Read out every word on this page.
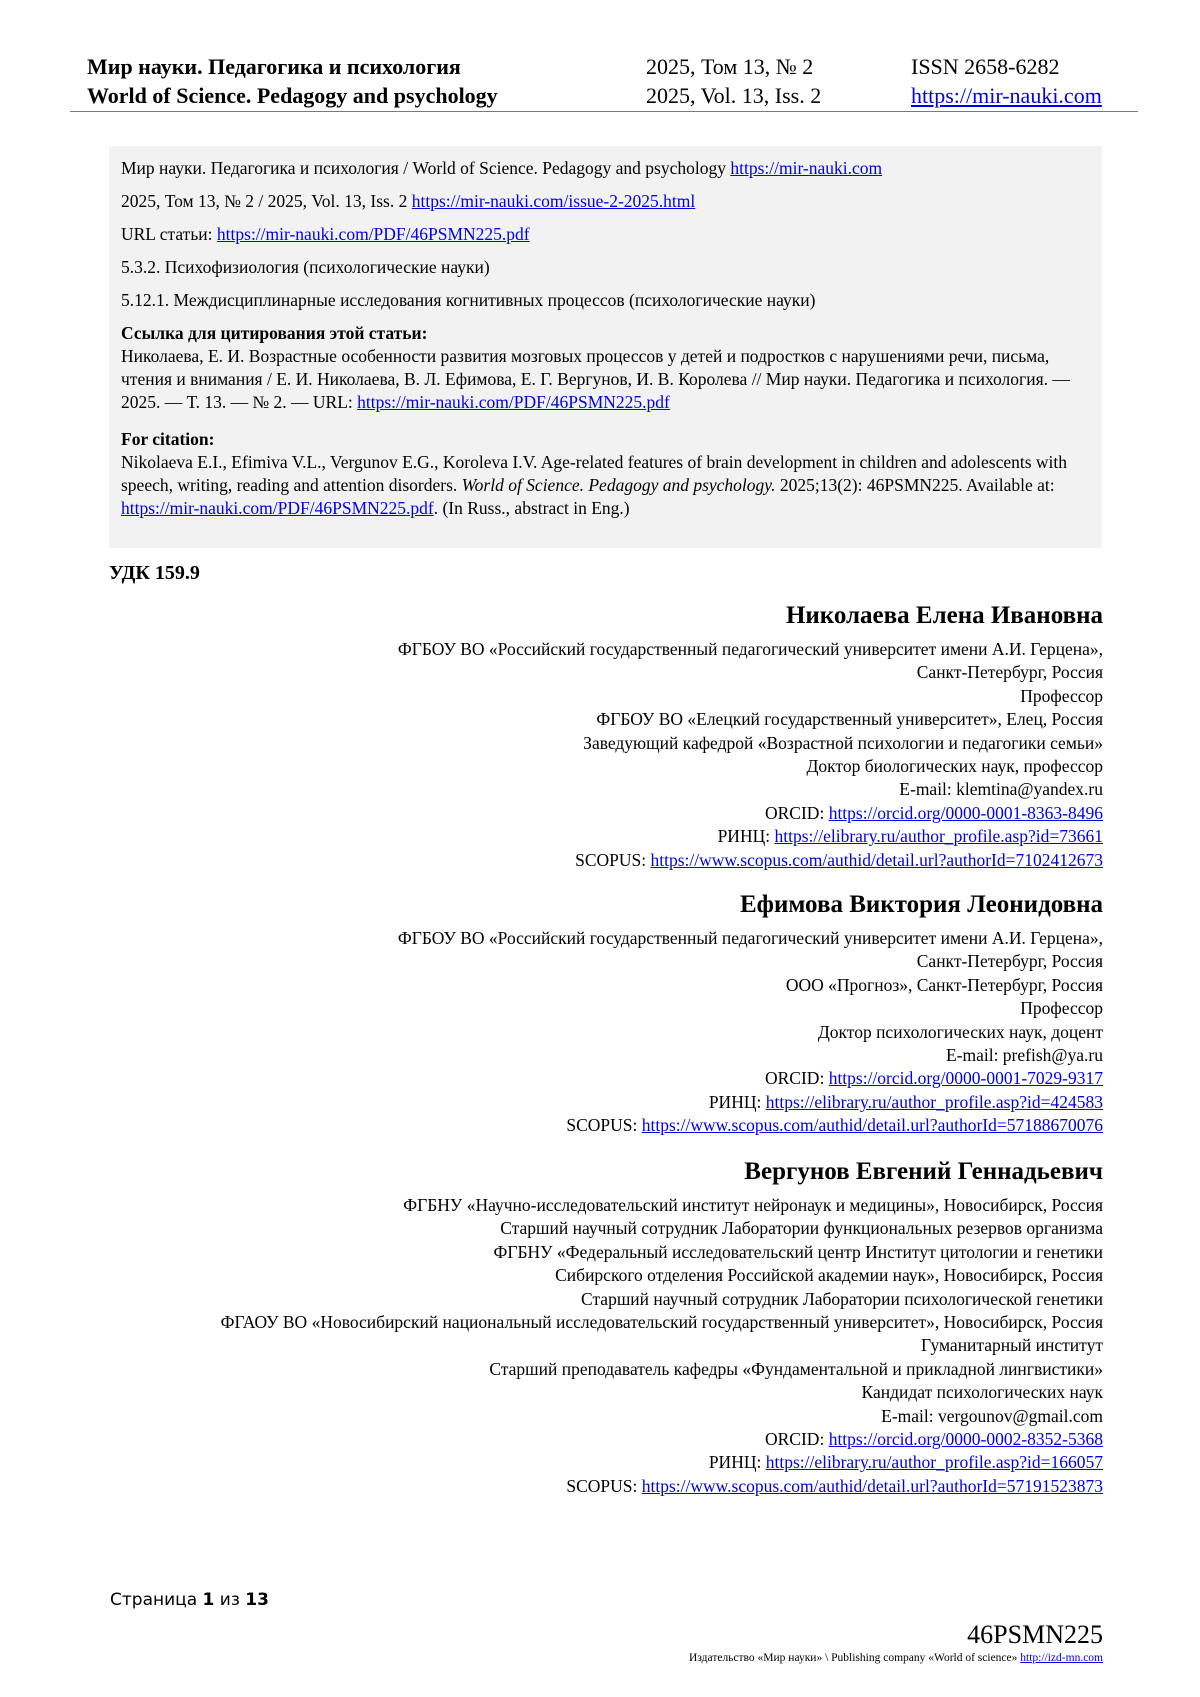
Мир науки. Педагогика и психология
World of Science. Pedagogy and psychology
2025, Том 13, № 2
2025, Vol. 13, Iss. 2
ISSN 2658-6282
https://mir-nauki.com
Мир науки. Педагогика и психология / World of Science. Pedagogy and psychology https://mir-nauki.com
2025, Том 13, № 2 / 2025, Vol. 13, Iss. 2 https://mir-nauki.com/issue-2-2025.html
URL статьи: https://mir-nauki.com/PDF/46PSMN225.pdf
5.3.2. Психофизиология (психологические науки)
5.12.1. Междисциплинарные исследования когнитивных процессов (психологические науки)
Ссылка для цитирования этой статьи:
Николаева, Е. И. Возрастные особенности развития мозговых процессов у детей и подростков с нарушениями речи, письма, чтения и внимания / Е. И. Николаева, В. Л. Ефимова, Е. Г. Вергунов, И. В. Королева // Мир науки. Педагогика и психология. — 2025. — Т. 13. — № 2. — URL: https://mir-nauki.com/PDF/46PSMN225.pdf
For citation:
Nikolaeva E.I., Efimiva V.L., Vergunov E.G., Koroleva I.V. Age-related features of brain development in children and adolescents with speech, writing, reading and attention disorders. World of Science. Pedagogy and psychology. 2025;13(2): 46PSMN225. Available at: https://mir-nauki.com/PDF/46PSMN225.pdf. (In Russ., abstract in Eng.)
УДК 159.9
Николаева Елена Ивановна
ФГБОУ ВО «Российский государственный педагогический университет имени А.И. Герцена»,
Санкт-Петербург, Россия
Профессор
ФГБОУ ВО «Елецкий государственный университет», Елец, Россия
Заведующий кафедрой «Возрастной психологии и педагогики семьи»
Доктор биологических наук, профессор
E-mail: klemtina@yandex.ru
ORCID: https://orcid.org/0000-0001-8363-8496
РИНЦ: https://elibrary.ru/author_profile.asp?id=73661
SCOPUS: https://www.scopus.com/authid/detail.url?authorId=7102412673
Ефимова Виктория Леонидовна
ФГБОУ ВО «Российский государственный педагогический университет имени А.И. Герцена»,
Санкт-Петербург, Россия
ООО «Прогноз», Санкт-Петербург, Россия
Профессор
Доктор психологических наук, доцент
E-mail: prefish@ya.ru
ORCID: https://orcid.org/0000-0001-7029-9317
РИНЦ: https://elibrary.ru/author_profile.asp?id=424583
SCOPUS: https://www.scopus.com/authid/detail.url?authorId=57188670076
Вергунов Евгений Геннадьевич
ФГБНУ «Научно-исследовательский институт нейронаук и медицины», Новосибирск, Россия
Старший научный сотрудник Лаборатории функциональных резервов организма
ФГБНУ «Федеральный исследовательский центр Институт цитологии и генетики
Сибирского отделения Российской академии наук», Новосибирск, Россия
Старший научный сотрудник Лаборатории психологической генетики
ФГАОУ ВО «Новосибирский национальный исследовательский государственный университет», Новосибирск, Россия
Гуманитарный институт
Старший преподаватель кафедры «Фундаментальной и прикладной лингвистики»
Кандидат психологических наук
E-mail: vergounov@gmail.com
ORCID: https://orcid.org/0000-0002-8352-5368
РИНЦ: https://elibrary.ru/author_profile.asp?id=166057
SCOPUS: https://www.scopus.com/authid/detail.url?authorId=57191523873
Страница 1 из 13
46PSMN225
Издательство «Мир науки» \ Publishing company «World of science» http://izd-mn.com
